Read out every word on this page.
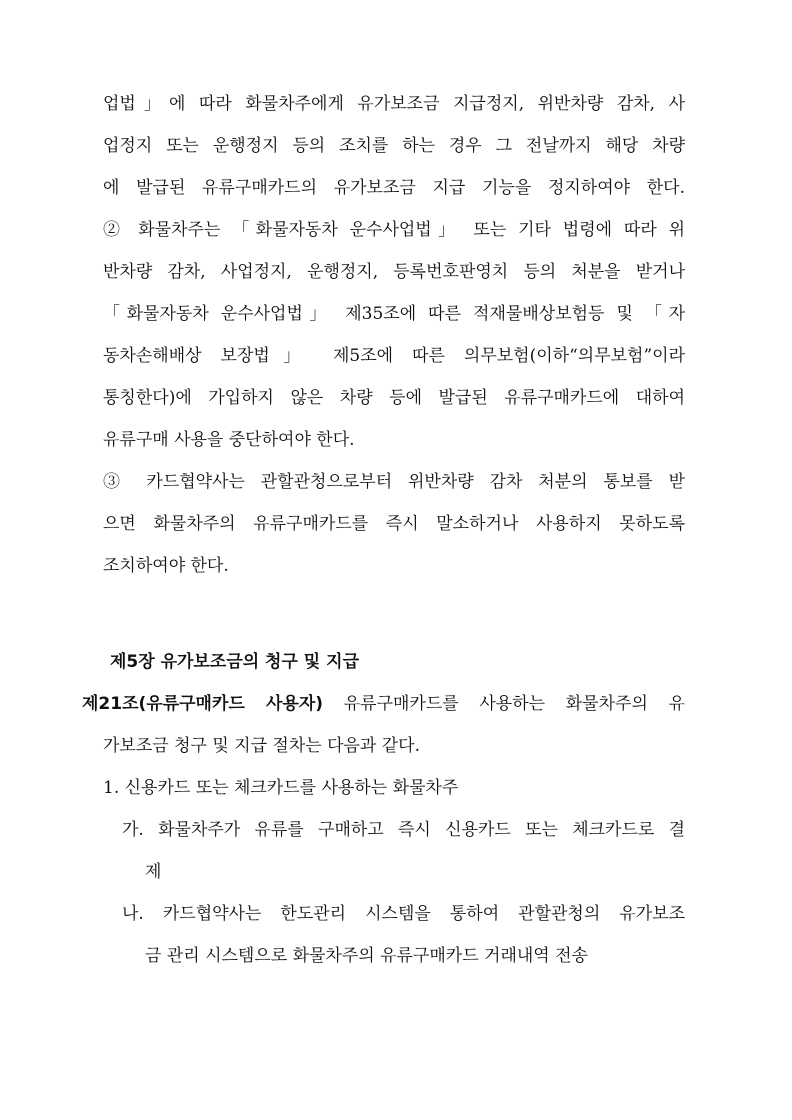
업법」에 따라 화물차주에게 유가보조금 지급정지, 위반차량 감차, 사
업정지 또는 운행정지 등의 조치를 하는 경우 그 전날까지 해당 차량
에 발급된 유류구매카드의 유가보조금 지급 기능을 정지하여야 한다.
② 화물차주는 「화물자동차 운수사업법」 또는 기타 법령에 따라 위
반차량 감차, 사업정지, 운행정지, 등록번호판영치 등의 처분을 받거나
「화물자동차 운수사업법」 제35조에 따른 적재물배상보험등 및 「자
동차손해배상 보장법」 제5조에 따른 의무보험(이하“의무보험”이라
통칭한다)에 가입하지 않은 차량 등에 발급된 유류구매카드에 대하여
유류구매 사용을 중단하여야 한다.
③ 카드협약사는 관할관청으로부터 위반차량 감차 처분의 통보를 받
으면 화물차주의 유류구매카드를 즉시 말소하거나 사용하지 못하도록
조치하여야 한다.
제5장 유가보조금의 청구 및 지급
제21조(유류구매카드 사용자) 유류구매카드를 사용하는 화물차주의 유
가보조금 청구 및 지급 절차는 다음과 같다.
1. 신용카드 또는 체크카드를 사용하는 화물차주
가. 화물차주가 유류를 구매하고 즉시 신용카드 또는 체크카드로 결
제
나. 카드협약사는 한도관리 시스템을 통하여 관할관청의 유가보조
금 관리 시스템으로 화물차주의 유류구매카드 거래내역 전송
